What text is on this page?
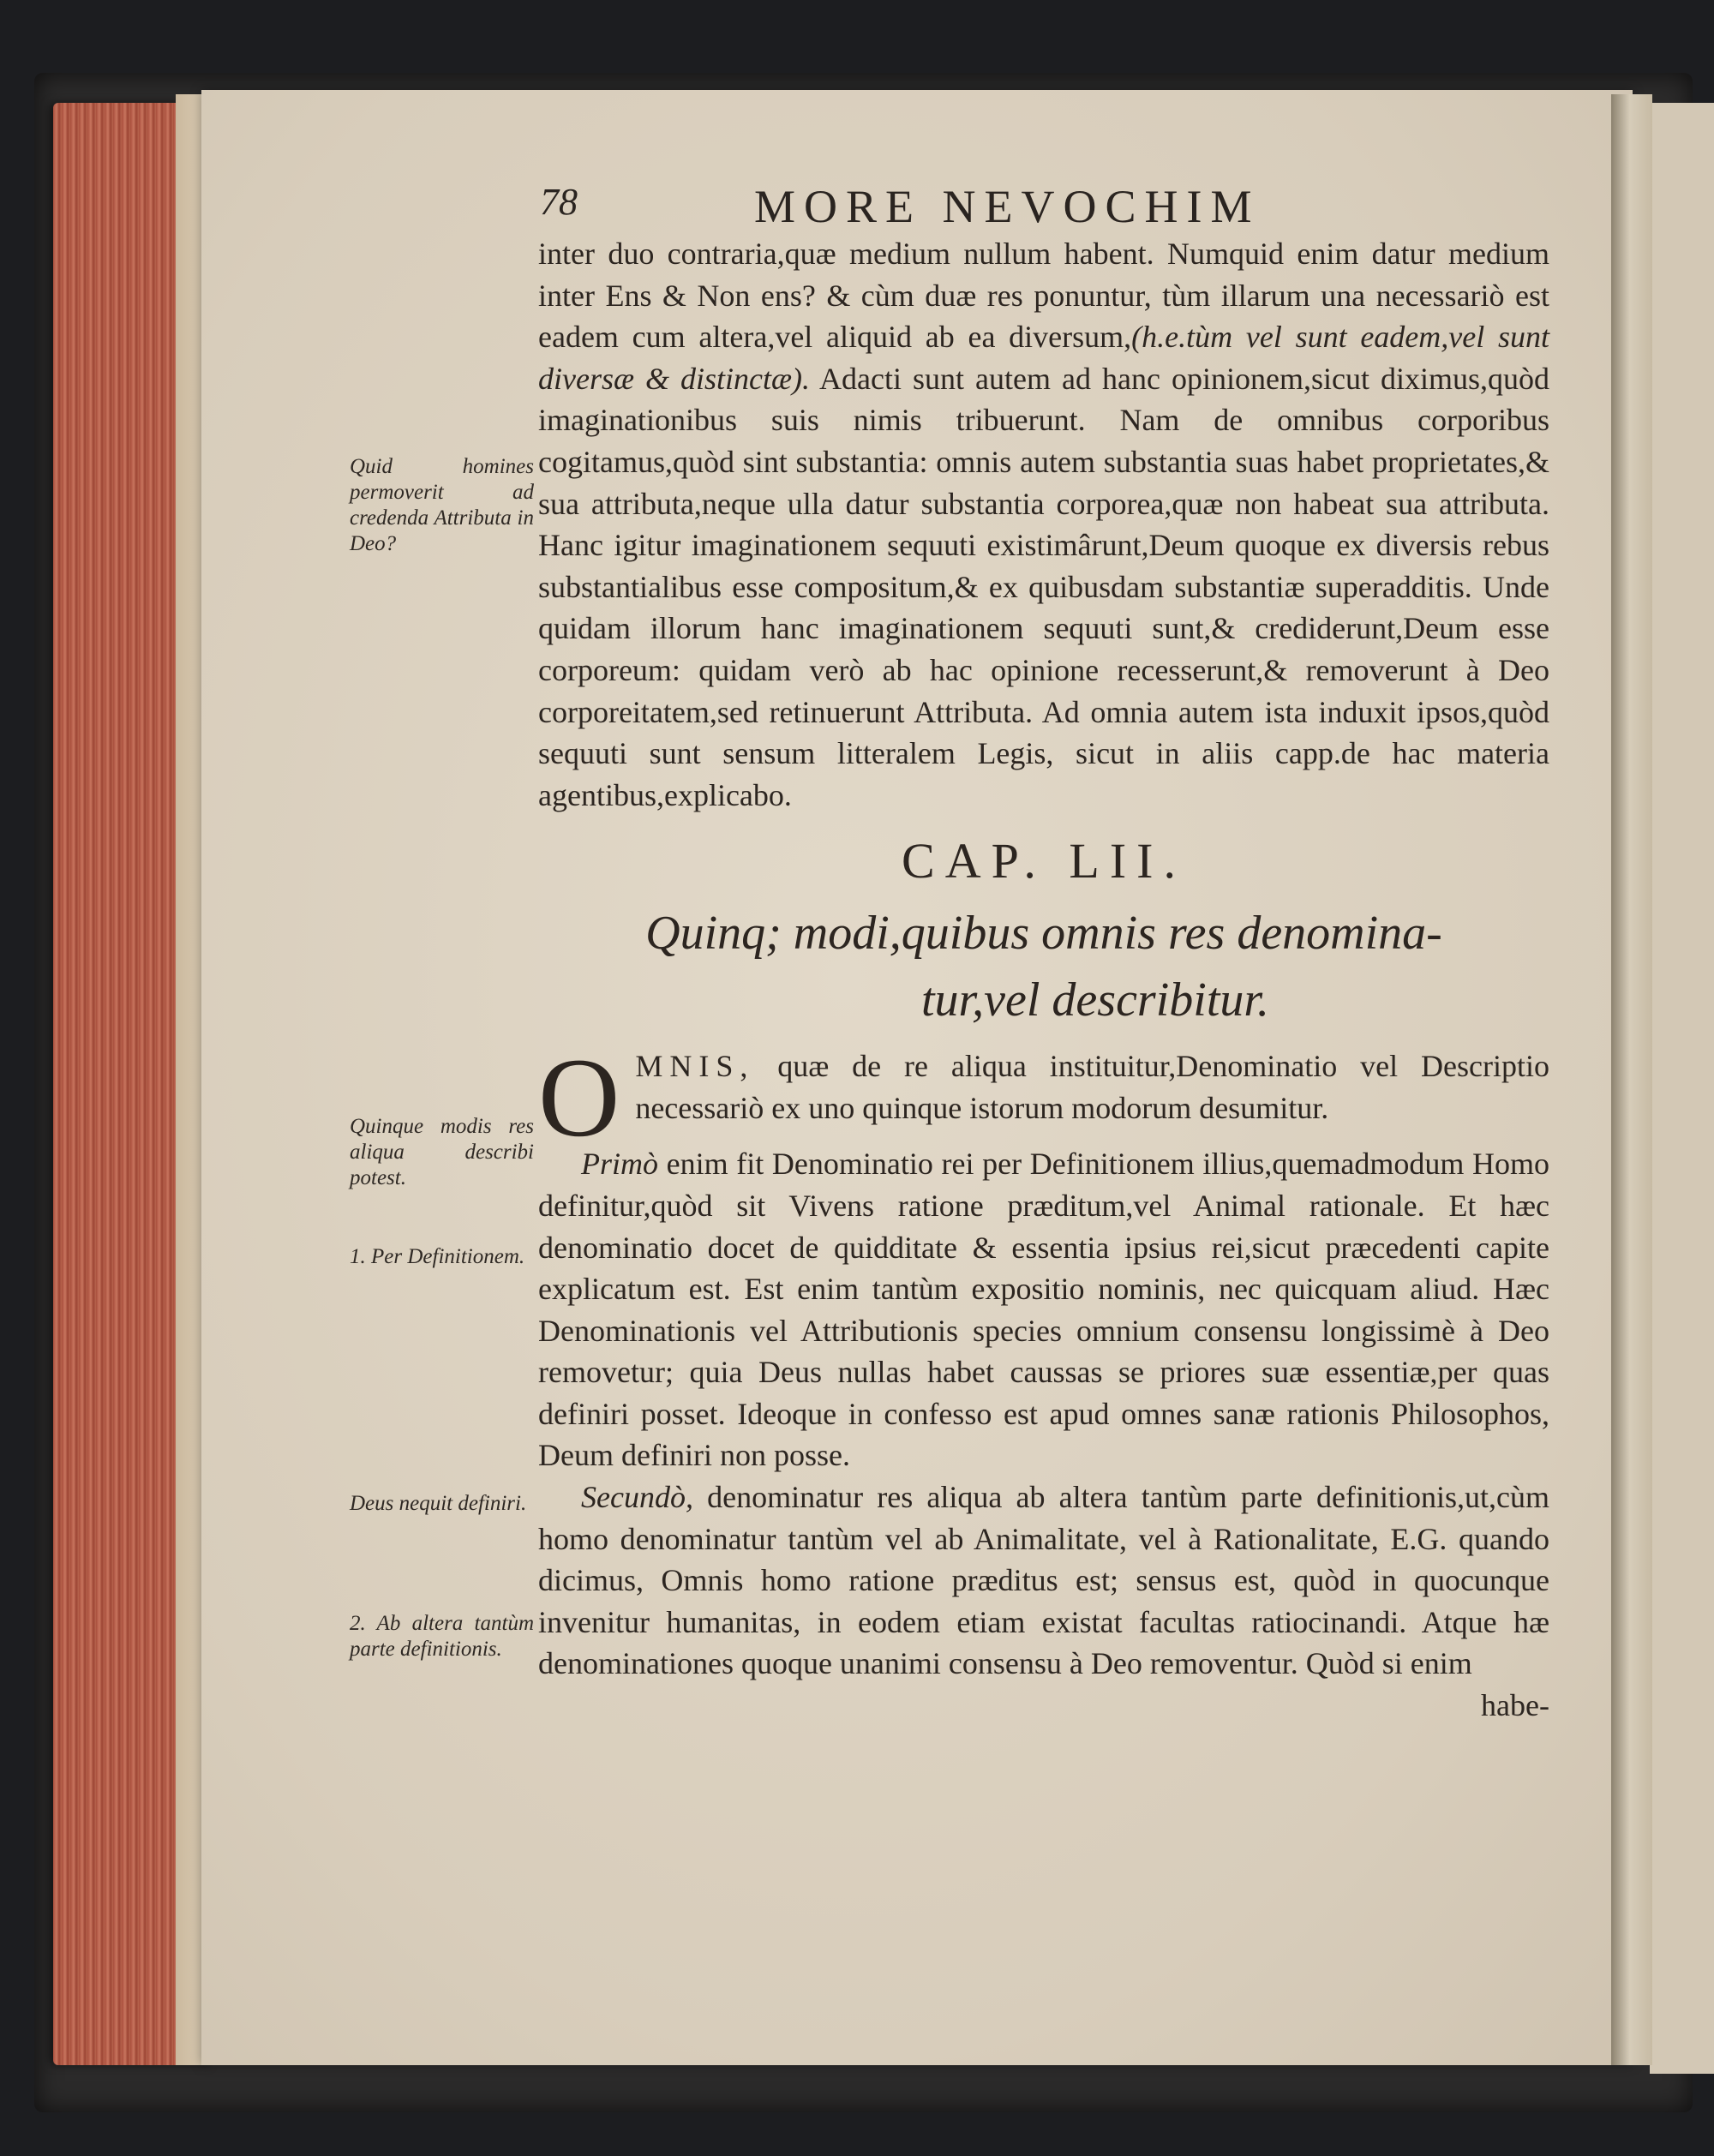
78	MORE NEVOCHIM
Quid homines permoverit ad credenda Attributa in Deo?
Quinque modis res aliqua describi potest.
1. Per Definitionem.
Deus nequit definiri.
2. Ab altera tantùm parte definitionis.

inter duo contraria,quæ medium nullum habent. Numquid enim datur medium inter Ens & Non ens? & cùm duæ res ponuntur, tùm illarum una necessariò est eadem cum altera,vel aliquid ab ea diversum,(h.e.tùm vel sunt eadem,vel sunt diversæ & distinctæ). Adacti sunt autem ad hanc opinionem,sicut diximus,quòd imaginationibus suis nimis tribuerunt. Nam de omnibus corporibus cogitamus,quòd sint substantia: omnis autem substantia suas habet proprietates,& sua attributa,neque ulla datur substantia corporea,quæ non habeat sua attributa. Hanc igitur imaginationem sequuti existimârunt,Deum quoque ex diversis rebus substantialibus esse compositum,& ex quibusdam substantiæ superadditis. Unde quidam illorum hanc imaginationem sequuti sunt,& crediderunt,Deum esse corporeum: quidam verò ab hac opinione recesserunt,& removerunt à Deo corporeitatem,sed retinuerunt Attributa. Ad omnia autem ista induxit ipsos,quòd sequuti sunt sensum litteralem Legis, sicut in aliis capp.de hac materia agentibus,explicabo.

CAP. LII.
Quinq; modi,quibus omnis res denomina-
tur,vel describitur.

OMNIS, quæ de re aliqua instituitur,Denominatio vel Descriptio necessariò ex uno quinque istorum modorum desumitur.

Primò enim fit Denominatio rei per Definitionem illius,quemadmodum Homo definitur,quòd sit Vivens ratione præditum,vel Animal rationale. Et hæc denominatio docet de quidditate & essentia ipsius rei,sicut præcedenti capite explicatum est. Est enim tantùm expositio nominis, nec quicquam aliud. Hæc Denominationis vel Attributionis species omnium consensu longissimè à Deo removetur; quia Deus nullas habet caussas se priores suæ essentiæ,per quas definiri posset. Ideoque in confesso est apud omnes sanæ rationis Philosophos, Deum definiri non posse.

Secundò, denominatur res aliqua ab altera tantùm parte definitionis,ut,cùm homo denominatur tantùm vel ab Animalitate, vel à Rationalitate, E.G. quando dicimus, Omnis homo ratione præditus est; sensus est, quòd in quocunque invenitur humanitas, in eodem etiam existat facultas ratiocinandi. Atque hæ denominationes quoque unanimi consensu à Deo removentur. Quòd si enim

habe-
